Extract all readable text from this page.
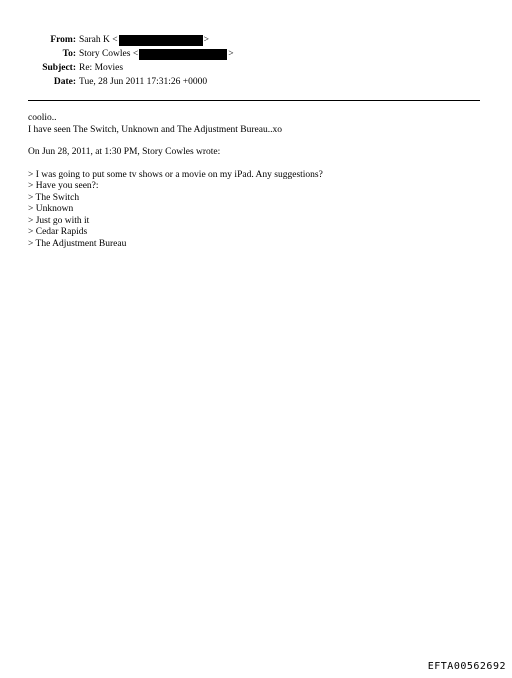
From: Sarah K <	>
To: Story Cowles <	>
Subject: Re: Movies
Date: Tue, 28 Jun 2011 17:31:26 +0000
coolio..
I have seen The Switch, Unknown and The Adjustment Bureau..xo
On Jun 28, 2011, at 1:30 PM, Story Cowles wrote:
> I was going to put some tv shows or a movie on my iPad. Any suggestions?
> Have you seen?:
> The Switch
> Unknown
> Just go with it
> Cedar Rapids
> The Adjustment Bureau
EFTA00562692
